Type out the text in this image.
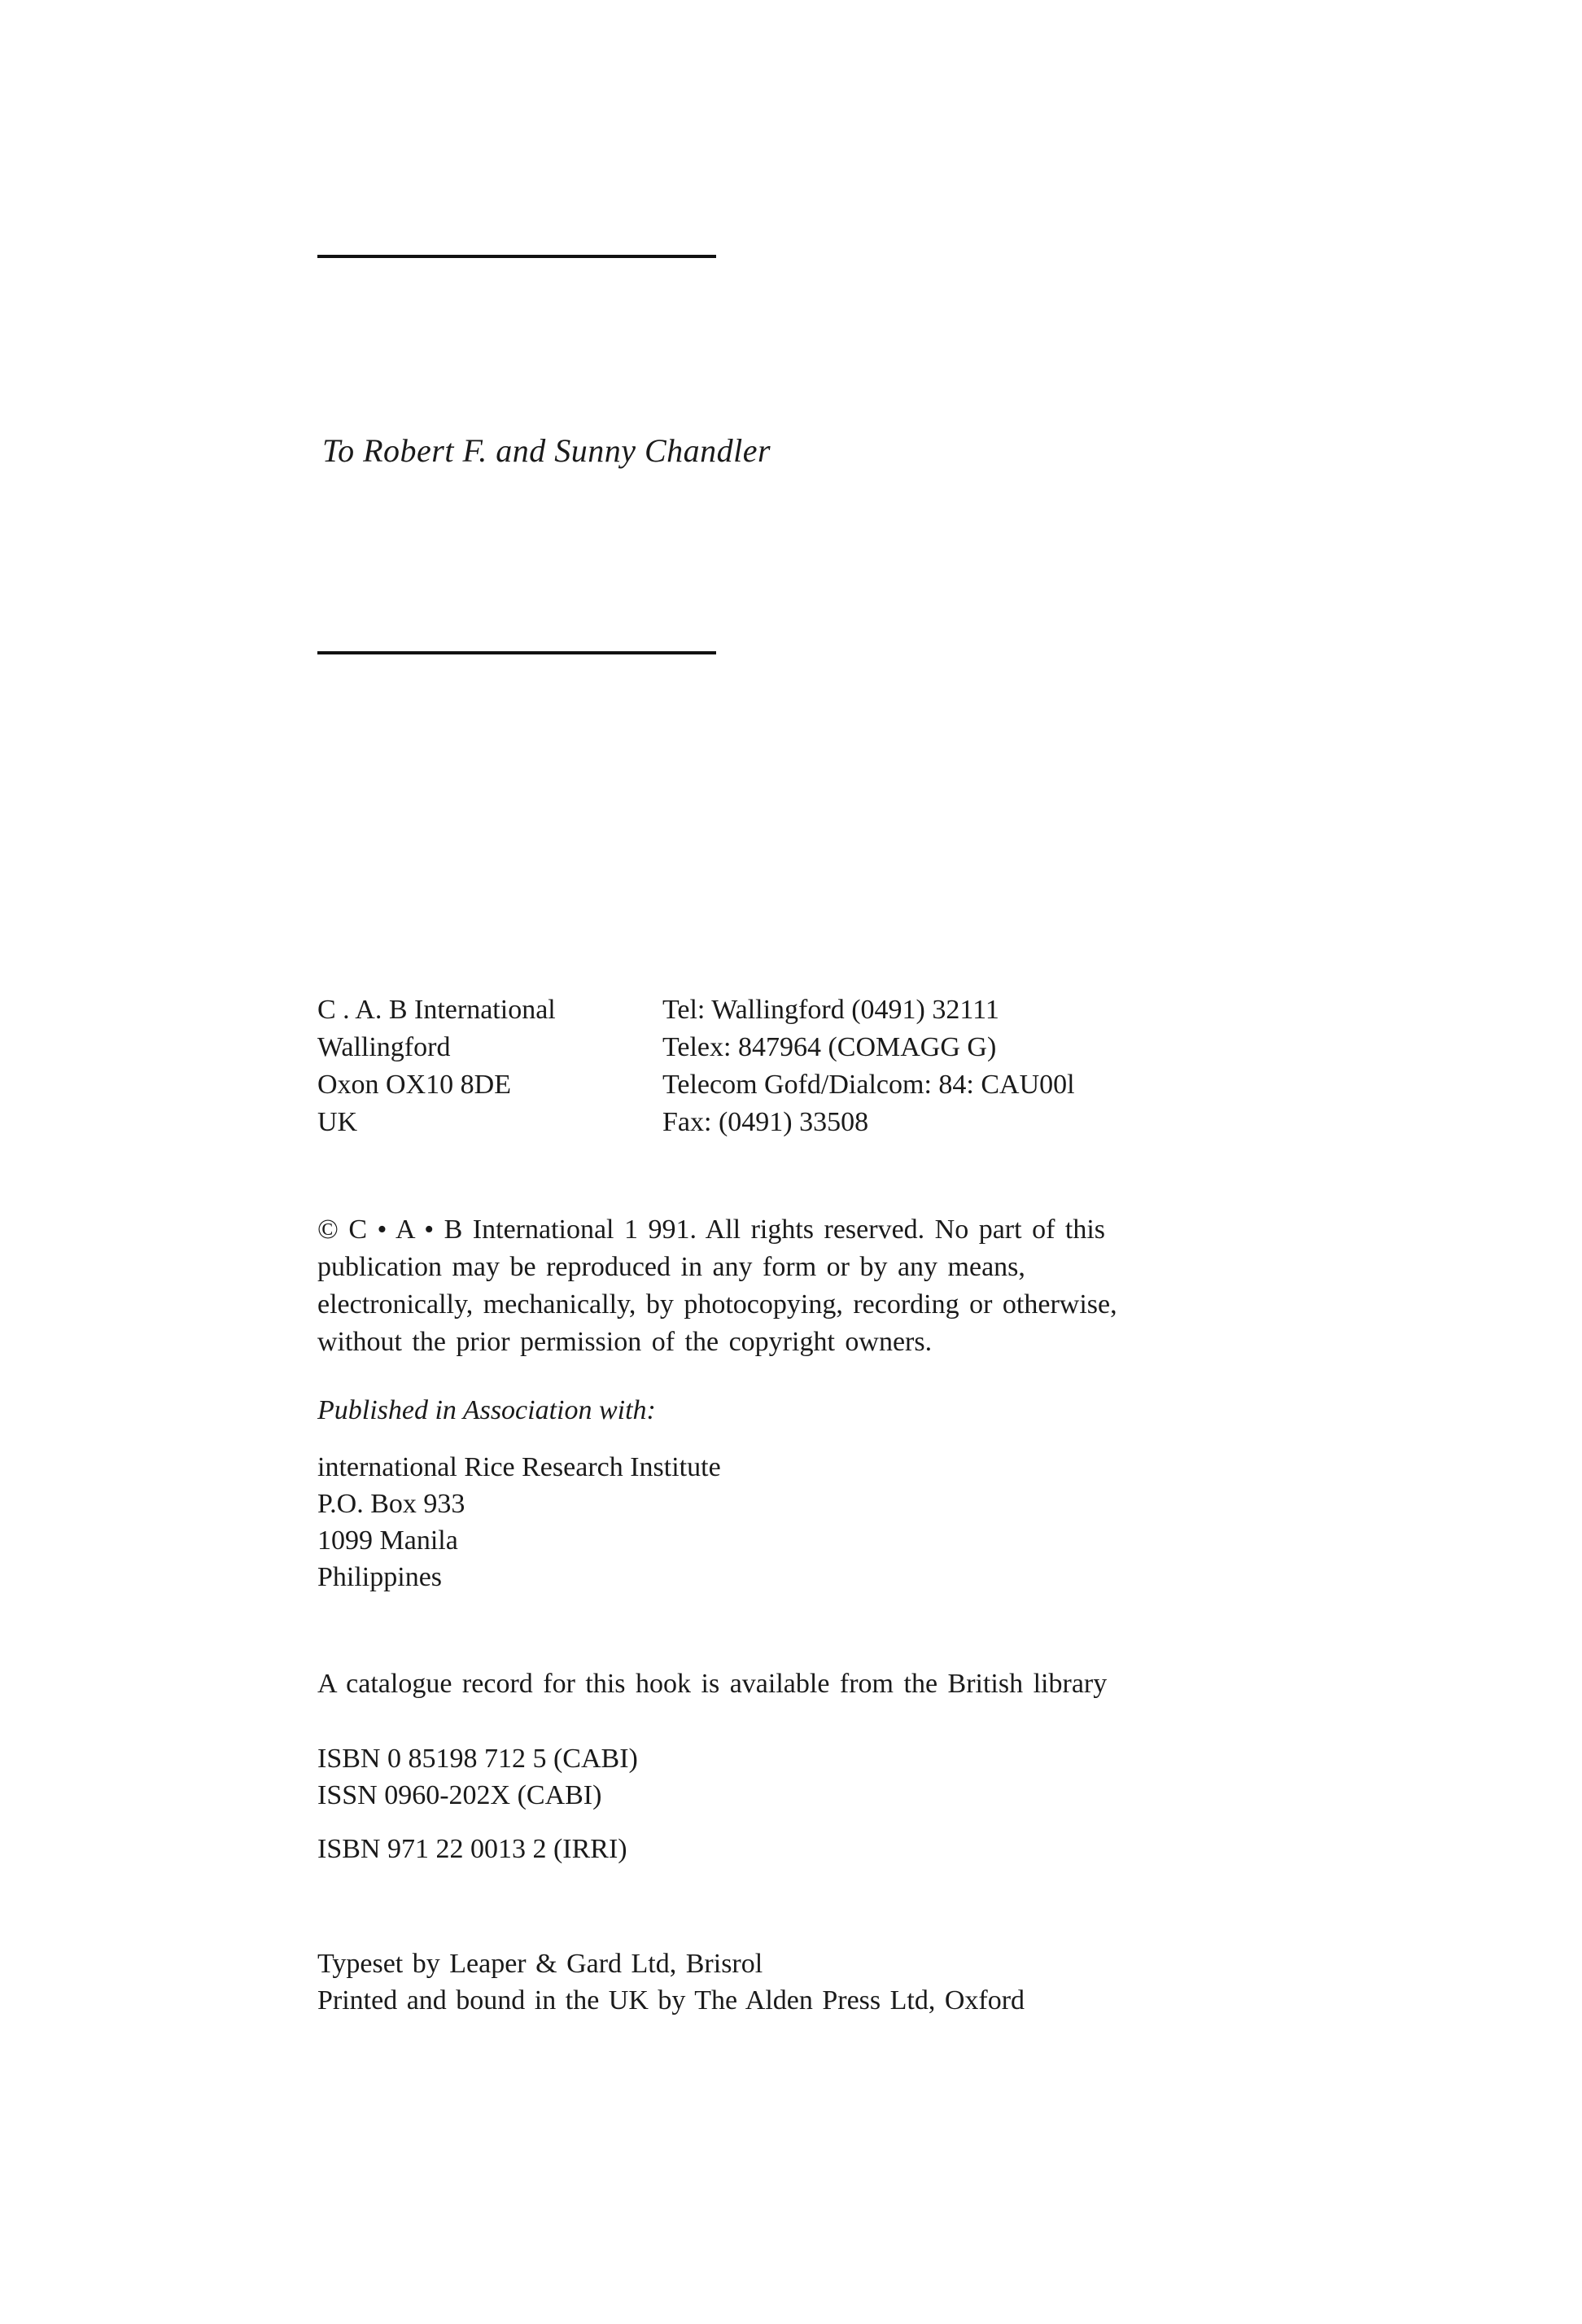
To Robert F. and Sunny Chandler
C . A. B International
Wallingford
Oxon OX10 8DE
UK
Tel: Wallingford (0491) 32111
Telex: 847964 (COMAGG G)
Telecom Gofd/Dialcom: 84: CAU00l
Fax: (0491) 33508
© C • A • B International 1 991. All rights reserved. No part of this publication may be reproduced in any form or by any means, electronically, mechanically, by photocopying, recording or otherwise, without the prior permission of the copyright owners.
Published in Association with:
international Rice Research Institute
P.O. Box 933
1099 Manila
Philippines
A catalogue record for this hook is available from the British library
ISBN 0 85198 712 5 (CABI)
ISSN 0960-202X (CABI)
ISBN 971 22 0013 2 (IRRI)
Typeset by Leaper & Gard Ltd, Brisrol
Printed and bound in the UK by The Alden Press Ltd, Oxford
